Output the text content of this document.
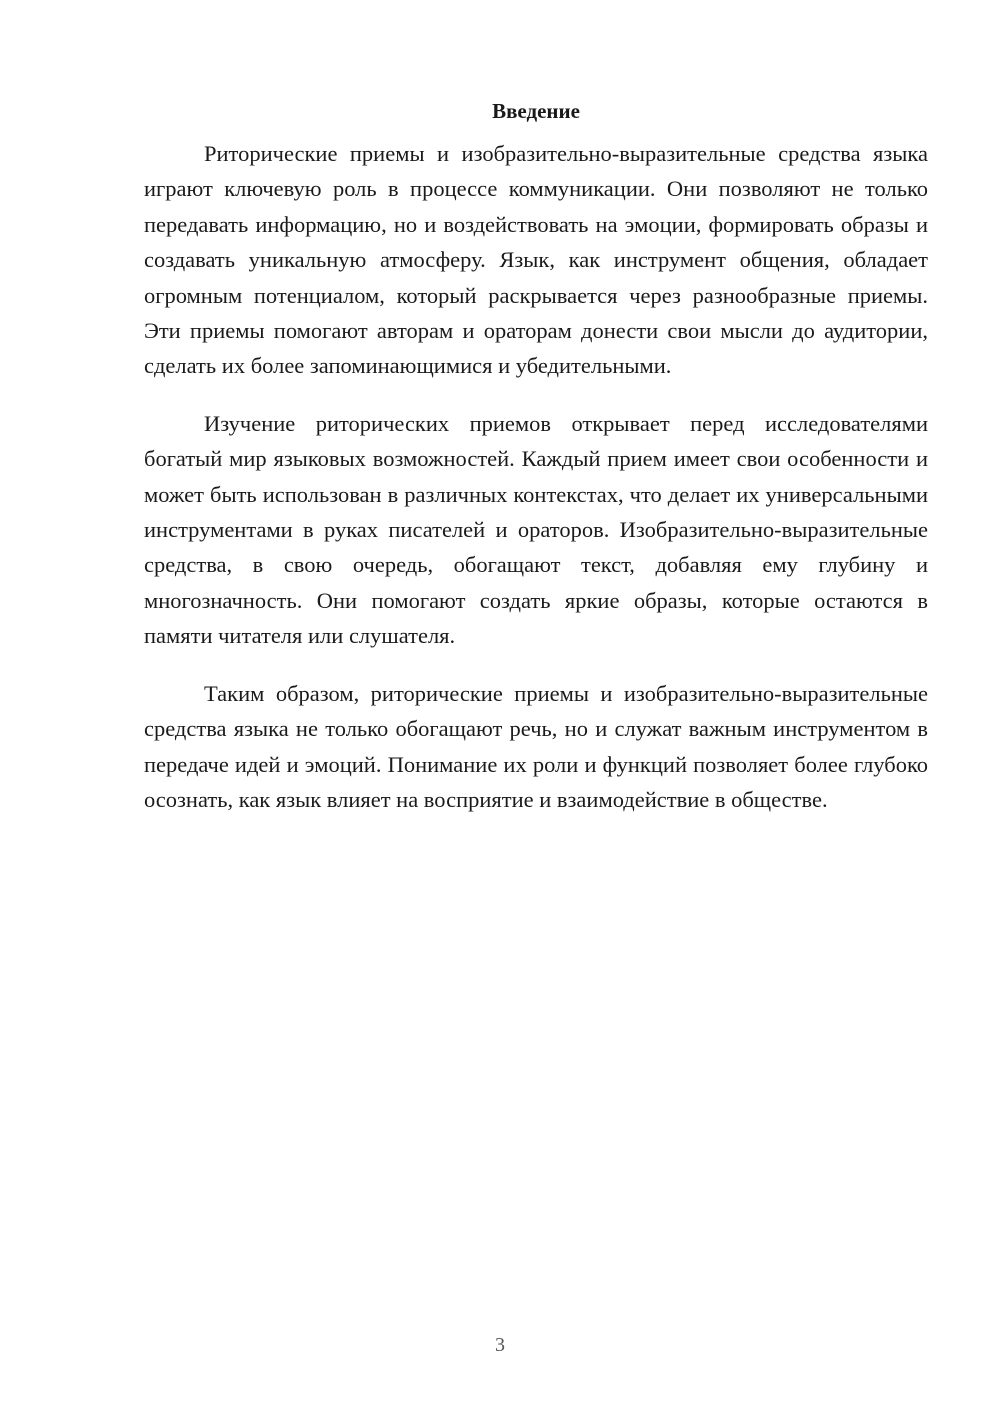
Введение

Риторические приемы и изобразительно-выразительные средства языка играют ключевую роль в процессе коммуникации. Они позволяют не только передавать информацию, но и воздействовать на эмоции, формировать образы и создавать уникальную атмосферу. Язык, как инструмент общения, обладает огромным потенциалом, который раскрывается через разнообразные приемы. Эти приемы помогают авторам и ораторам донести свои мысли до аудитории, сделать их более запоминающимися и убедительными.

Изучение риторических приемов открывает перед исследователями богатый мир языковых возможностей. Каждый прием имеет свои особенности и может быть использован в различных контекстах, что делает их универсальными инструментами в руках писателей и ораторов. Изобразительно-выразительные средства, в свою очередь, обогащают текст, добавляя ему глубину и многозначность. Они помогают создать яркие образы, которые остаются в памяти читателя или слушателя.

Таким образом, риторические приемы и изобразительно-выразительные средства языка не только обогащают речь, но и служат важным инструментом в передаче идей и эмоций. Понимание их роли и функций позволяет более глубоко осознать, как язык влияет на восприятие и взаимодействие в обществе.

3
